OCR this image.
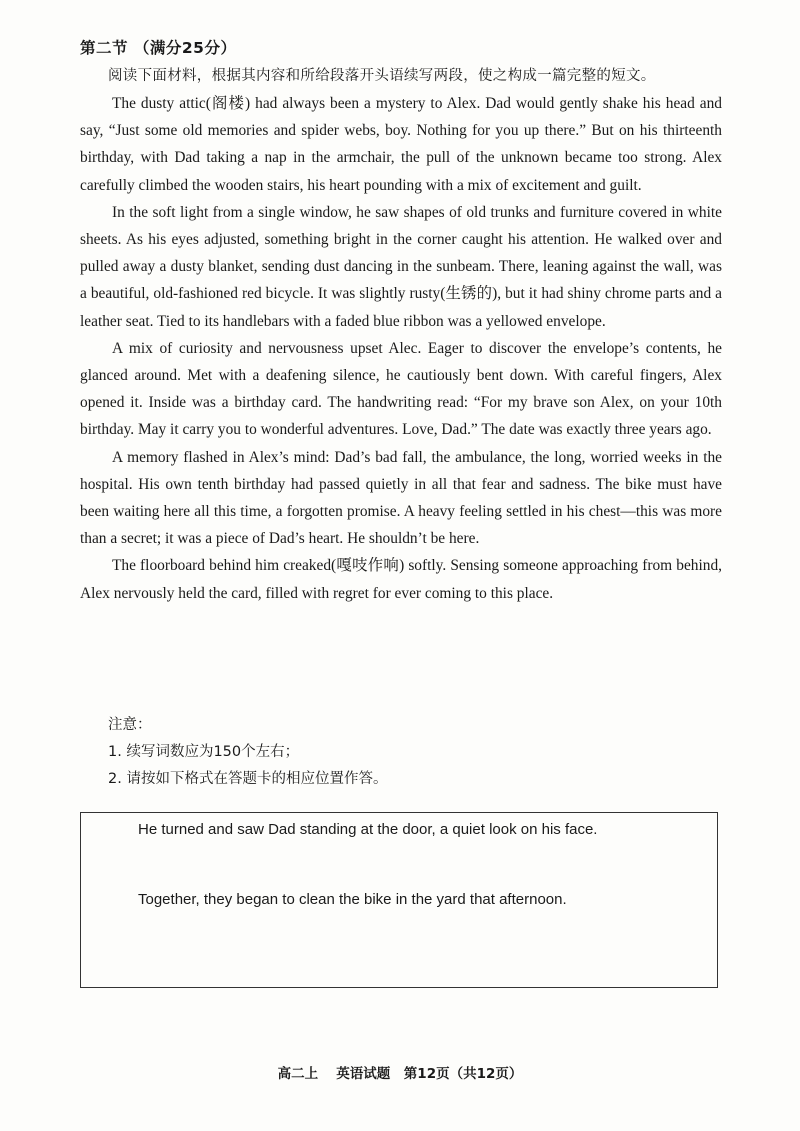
第二节 （满分25分）
阅读下面材料，根据其内容和所给段落开头语续写两段，使之构成一篇完整的短文。

The dusty attic(阁楼) had always been a mystery to Alex. Dad would gently shake his head and say, “Just some old memories and spider webs, boy. Nothing for you up there.” But on his thirteenth birthday, with Dad taking a nap in the armchair, the pull of the unknown became too strong. Alex carefully climbed the wooden stairs, his heart pounding with a mix of excitement and guilt.

In the soft light from a single window, he saw shapes of old trunks and furniture covered in white sheets. As his eyes adjusted, something bright in the corner caught his attention. He walked over and pulled away a dusty blanket, sending dust dancing in the sunbeam. There, leaning against the wall, was a beautiful, old-fashioned red bicycle. It was slightly rusty(生锈的), but it had shiny chrome parts and a leather seat. Tied to its handlebars with a faded blue ribbon was a yellowed envelope.

A mix of curiosity and nervousness upset Alec. Eager to discover the envelope’s contents, he glanced around. Met with a deafening silence, he cautiously bent down. With careful fingers, Alex opened it. Inside was a birthday card. The handwriting read: “For my brave son Alex, on your 10th birthday. May it carry you to wonderful adventures. Love, Dad.” The date was exactly three years ago.

A memory flashed in Alex’s mind: Dad’s bad fall, the ambulance, the long, worried weeks in the hospital. His own tenth birthday had passed quietly in all that fear and sadness. The bike must have been waiting here all this time, a forgotten promise. A heavy feeling settled in his chest—this was more than a secret; it was a piece of Dad’s heart. He shouldn’t be here.

The floorboard behind him creaked(嘎吱作响) softly. Sensing someone approaching from behind, Alex nervously held the card, filled with regret for ever coming to this place.

注意：
1. 续写词数应为150个左右；
2. 请按如下格式在答题卡的相应位置作答。
He turned and saw Dad standing at the door, a quiet look on his face.
Together, they began to clean the bike in the yard that afternoon.
高二上　 英语试题　第12页（共12页）
